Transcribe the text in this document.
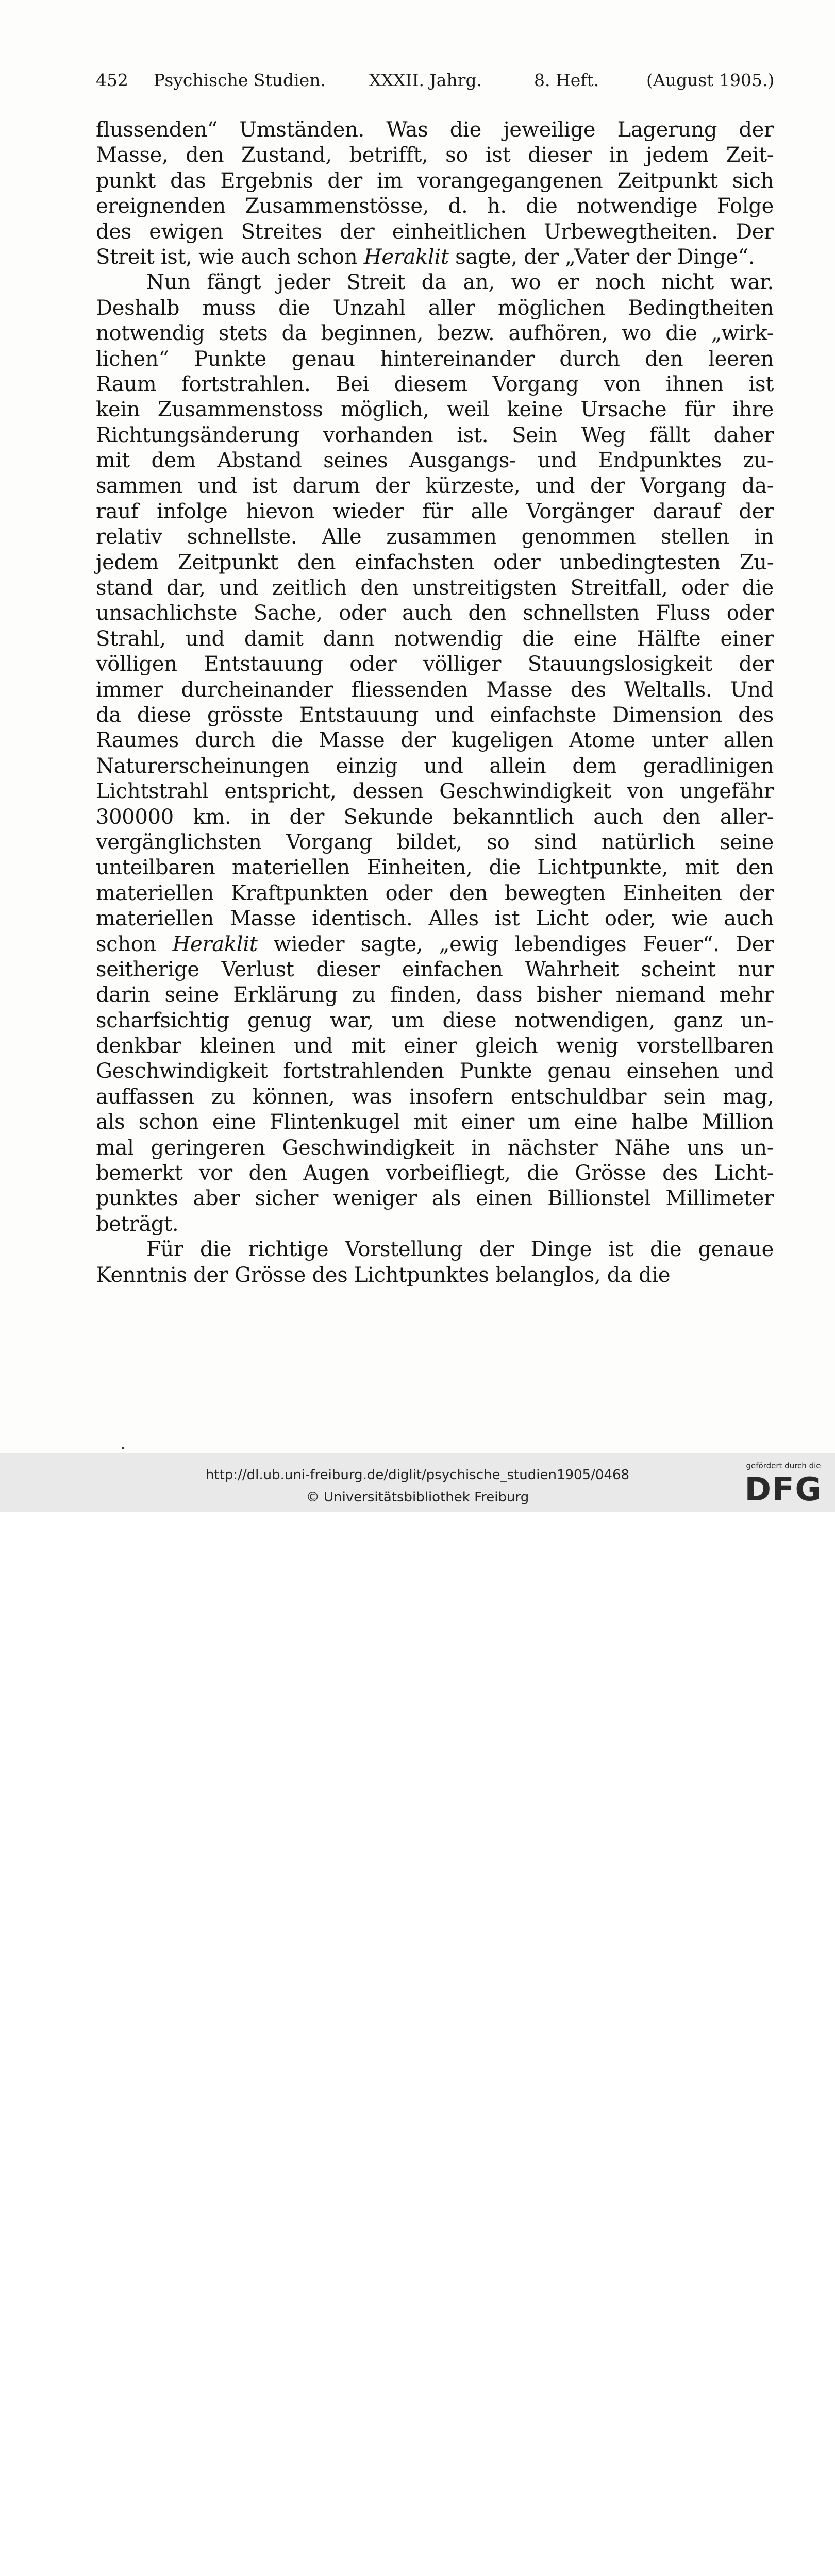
452 Psychische Studien.	XXXII. Jahrg.	8. Heft.	(August 1905.)
flussenden“ Umständen. Was die jeweilige Lagerung der
Masse, den Zustand, betrifft, so ist dieser in jedem Zeit-
punkt das Ergebnis der im vorangegangenen Zeitpunkt sich
ereignenden Zusammenstösse, d. h. die notwendige Folge
des ewigen Streites der einheitlichen Urbewegtheiten. Der
Streit ist, wie auch schon Heraklit sagte, der „Vater der Dinge“.
Nun fängt jeder Streit da an, wo er noch nicht war.
Deshalb muss die Unzahl aller möglichen Bedingtheiten
notwendig stets da beginnen, bezw. aufhören, wo die „wirk-
lichen“ Punkte genau hintereinander durch den leeren
Raum fortstrahlen. Bei diesem Vorgang von ihnen ist
kein Zusammenstoss möglich, weil keine Ursache für ihre
Richtungsänderung vorhanden ist. Sein Weg fällt daher
mit dem Abstand seines Ausgangs- und Endpunktes zu-
sammen und ist darum der kürzeste, und der Vorgang da-
rauf infolge hievon wieder für alle Vorgänger darauf der
relativ schnellste. Alle zusammen genommen stellen in
jedem Zeitpunkt den einfachsten oder unbedingtesten Zu-
stand dar, und zeitlich den unstreitigsten Streitfall, oder die
unsachlichste Sache, oder auch den schnellsten Fluss oder
Strahl, und damit dann notwendig die eine Hälfte einer
völligen Entstauung oder völliger Stauungslosigkeit der
immer durcheinander fliessenden Masse des Weltalls. Und
da diese grösste Entstauung und einfachste Dimension des
Raumes durch die Masse der kugeligen Atome unter allen
Naturerscheinungen einzig und allein dem geradlinigen
Lichtstrahl entspricht, dessen Geschwindigkeit von ungefähr
300000 km. in der Sekunde bekanntlich auch den aller-
vergänglichsten Vorgang bildet, so sind natürlich seine
unteilbaren materiellen Einheiten, die Lichtpunkte, mit den
materiellen Kraftpunkten oder den bewegten Einheiten der
materiellen Masse identisch. Alles ist Licht oder, wie auch
schon Heraklit wieder sagte, „ewig lebendiges Feuer“. Der
seitherige Verlust dieser einfachen Wahrheit scheint nur
darin seine Erklärung zu finden, dass bisher niemand mehr
scharfsichtig genug war, um diese notwendigen, ganz un-
denkbar kleinen und mit einer gleich wenig vorstellbaren
Geschwindigkeit fortstrahlenden Punkte genau einsehen und
auffassen zu können, was insofern entschuldbar sein mag,
als schon eine Flintenkugel mit einer um eine halbe Million
mal geringeren Geschwindigkeit in nächster Nähe uns un-
bemerkt vor den Augen vorbeifliegt, die Grösse des Licht-
punktes aber sicher weniger als einen Billionstel Millimeter
beträgt.
Für die richtige Vorstellung der Dinge ist die genaue
Kenntnis der Grösse des Lichtpunktes belanglos, da die
http://dl.ub.uni-freiburg.de/diglit/psychische_studien1905/0468
© Universitätsbibliothek Freiburg
gefördert durch die
DFG
